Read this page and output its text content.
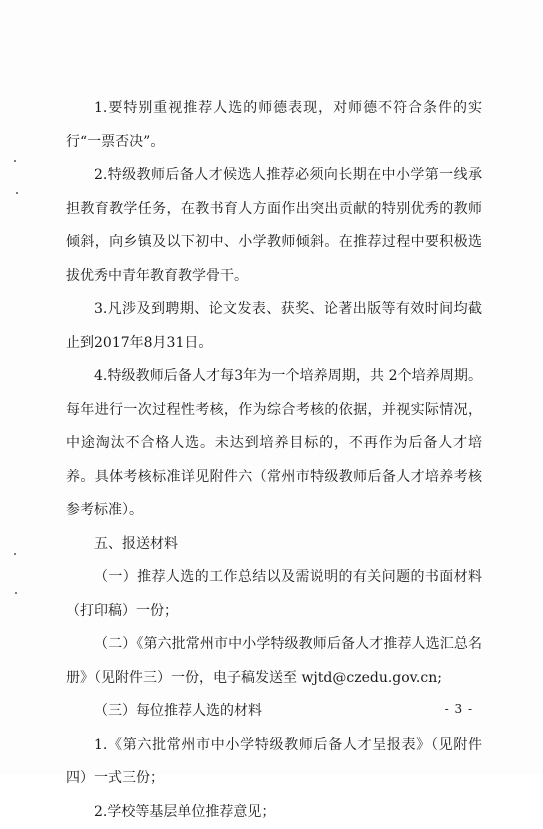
1.要特别重视推荐人选的师德表现，对师德不符合条件的实行“一票否决”。

2.特级教师后备人才候选人推荐必须向长期在中小学第一线承担教育教学任务，在教书育人方面作出突出贡献的特别优秀的教师倾斜，向乡镇及以下初中、小学教师倾斜。在推荐过程中要积极选拔优秀中青年教育教学骨干。

3.凡涉及到聘期、论文发表、获奖、论著出版等有效时间均截止到2017年8月31日。

4.特级教师后备人才每3年为一个培养周期，共 2个培养周期。每年进行一次过程性考核，作为综合考核的依据，并视实际情况，中途淘汰不合格人选。未达到培养目标的，不再作为后备人才培养。具体考核标准详见附件六（常州市特级教师后备人才培养考核参考标准）。

五、报送材料

（一）推荐人选的工作总结以及需说明的有关问题的书面材料（打印稿）一份；

（二）《第六批常州市中小学特级教师后备人才推荐人选汇总名册》（见附件三）一份，电子稿发送至 wjtd@czedu.gov.cn;

（三）每位推荐人选的材料

1.《第六批常州市中小学特级教师后备人才呈报表》（见附件四）一式三份；

2.学校等基层单位推荐意见；

- 3 -
